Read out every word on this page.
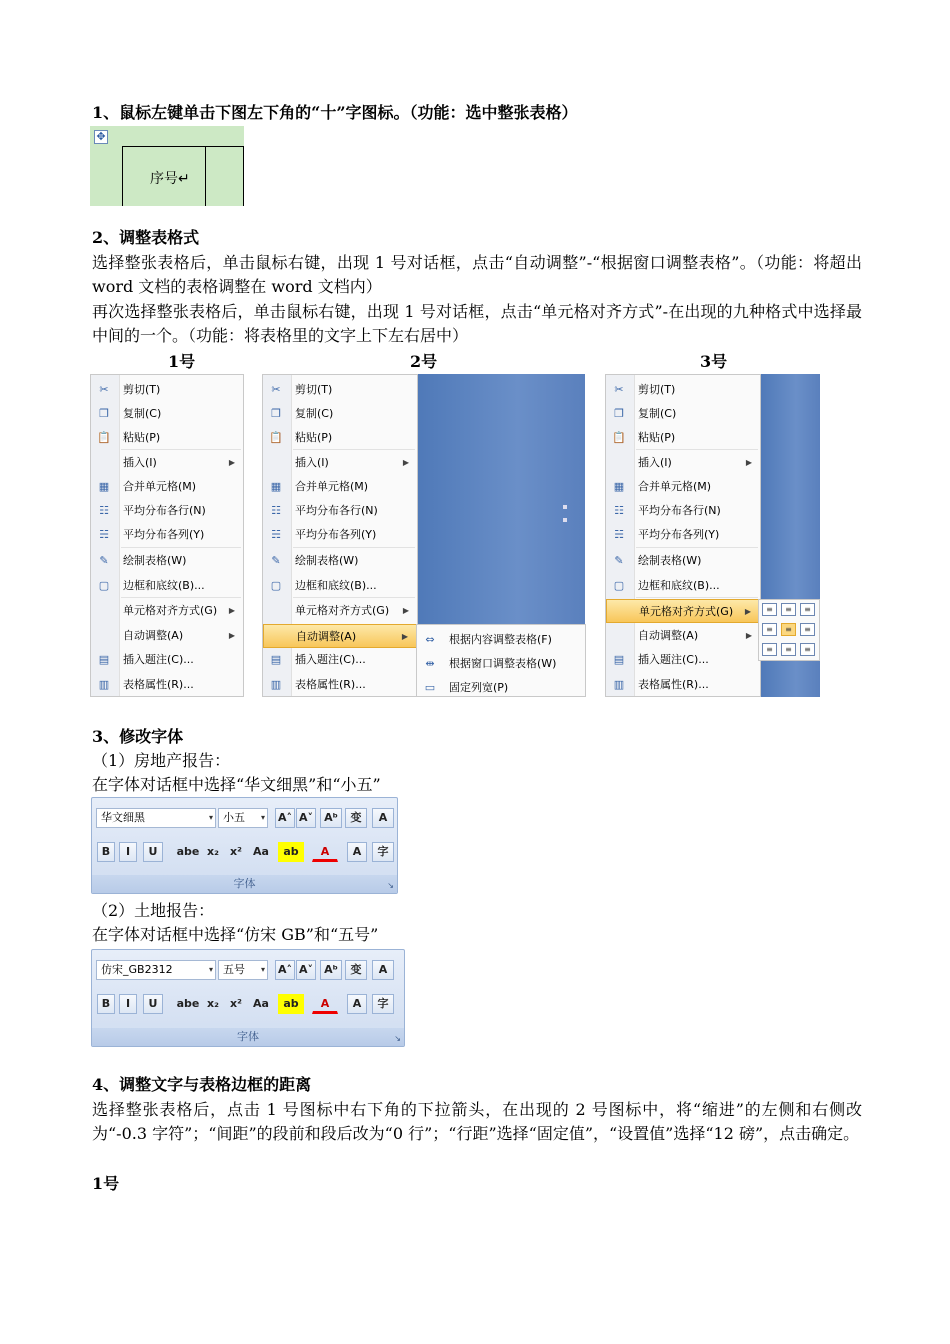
1、鼠标左键单击下图左下角的“十”字图标。（功能：选中整张表格）
✥
序号↵
2、调整表格式
选择整张表格后，单击鼠标右键，出现 1 号对话框，点击“自动调整”-“根据窗口调整表格”。（功能：将超出 word 文档的表格调整在 word 文档内）
再次选择整张表格后，单击鼠标右键，出现 1 号对话框，点击“单元格对齐方式”-在出现的九种格式中选择最中间的一个。（功能：将表格里的文字上下左右居中）
1号	2号	3号
✂ 剪切(T)
❐ 复制(C)
📋 粘贴(P)
插入(I)	▶
▦ 合并单元格(M)
☷ 平均分布各行(N)
☵ 平均分布各列(Y)
✎ 绘制表格(W)
▢ 边框和底纹(B)...
单元格对齐方式(G) ▶
自动调整(A)	▶
▤ 插入题注(C)...
▥ 表格属性(R)...
✂ 剪切(T)
❐ 复制(C)
📋 粘贴(P)
插入(I)	▶
▦ 合并单元格(M)
☷ 平均分布各行(N)
☵ 平均分布各列(Y)
✎ 绘制表格(W)
▢ 边框和底纹(B)...
单元格对齐方式(G) ▶
自动调整(A)	▶
▤ 插入题注(C)...
▥ 表格属性(R)...
⇔ 根据内容调整表格(F)
⇹ 根据窗口调整表格(W)
▭ 固定列宽(P)
✂ 剪切(T)
❐ 复制(C)
📋 粘贴(P)
插入(I)	▶
▦ 合并单元格(M)
☷ 平均分布各行(N)
☵ 平均分布各列(Y)
✎ 绘制表格(W)
▢ 边框和底纹(B)...
单元格对齐方式(G) ▶
自动调整(A)	▶
▤ 插入题注(C)...
▥ 表格属性(R)...
≡	≡	≡
≡	≡	≡
≡	≡	≡
3、修改字体
（1）房地产报告：
在字体对话框中选择“华文细黑”和“小五”
华文细黑	▾ 小五 ▾ A˄ A˅	Aᵇ	变	A
B	I	U	abe x₂	x²	Aa	ab	A	A	字
字体	↘
（2）土地报告：
在字体对话框中选择“仿宋 GB”和“五号”
仿宋_GB2312	▾ 五号 ▾ A˄ A˅	Aᵇ	变	A
B	I	U	abe x₂	x²	Aa	ab	A	A	字
字体	↘
4、调整文字与表格边框的距离
选择整张表格后，点击 1 号图标中右下角的下拉箭头，在出现的 2 号图标中，将“缩进”的左侧和右侧改为“-0.3 字符”；“间距”的段前和段后改为“0 行”；“行距”选择“固定值”，“设置值”选择“12 磅”，点击确定。
1号
